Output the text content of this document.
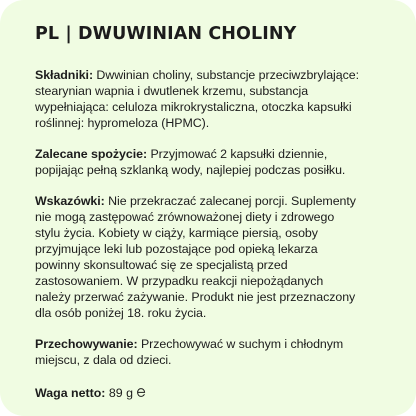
PL | DWUWINIAN CHOLINY
Składniki: Dwwinian choliny, substancje przeciwzbrylające:
stearynian wapnia i dwutlenek krzemu, substancja
wypełniająca: celuloza mikrokrystaliczna, otoczka kapsułki
roślinnej: hypromeloza (HPMC).
Zalecane spożycie: Przyjmować 2 kapsułki dziennie,
popijając pełną szklanką wody, najlepiej podczas posiłku.
Wskazówki: Nie przekraczać zalecanej porcji. Suplementy
nie mogą zastępować zrównoważonej diety i zdrowego
stylu życia. Kobiety w ciąży, karmiące piersią, osoby
przyjmujące leki lub pozostające pod opieką lekarza
powinny skonsultować się ze specjalistą przed
zastosowaniem. W przypadku reakcji niepożądanych
należy przerwać zażywanie. Produkt nie jest przeznaczony
dla osób poniżej 18. roku życia.
Przechowywanie: Przechowywać w suchym i chłodnym
miejscu, z dala od dzieci.
Waga netto: 89 g
